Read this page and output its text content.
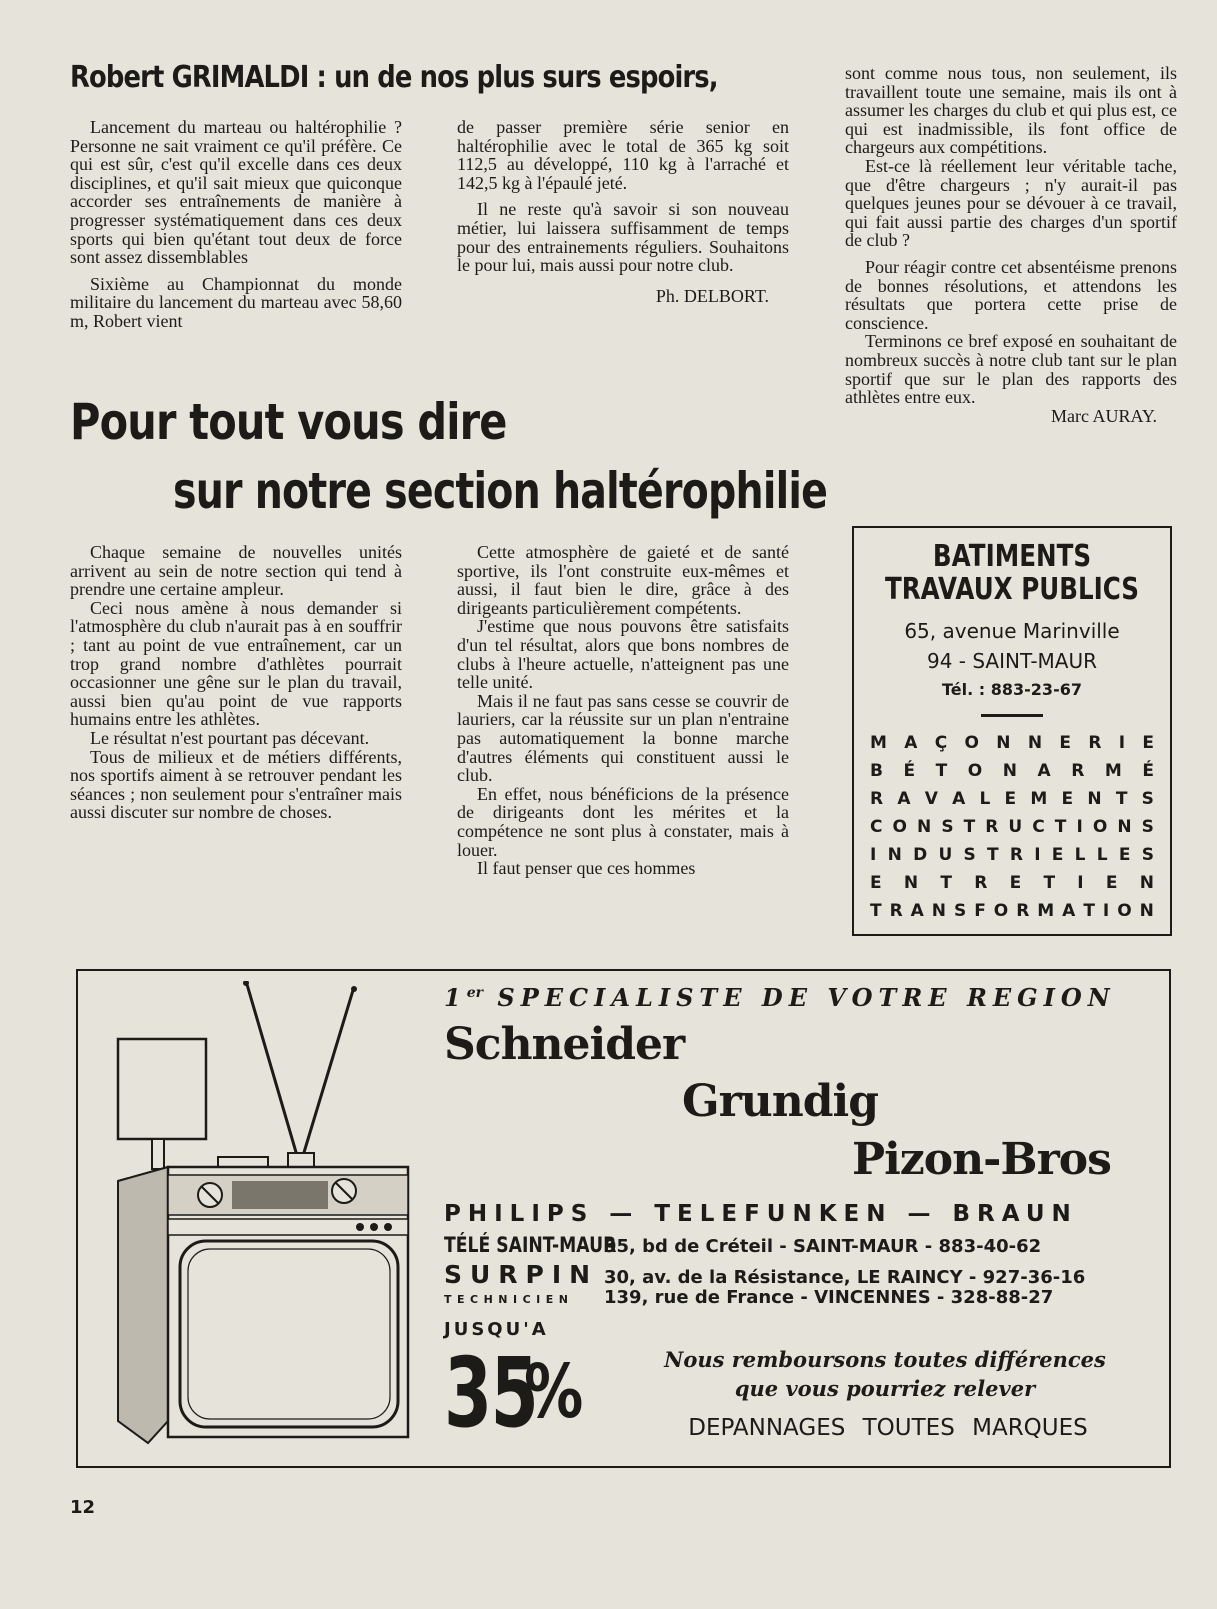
Robert GRIMALDI : un de nos plus surs espoirs,

Lancement du marteau ou haltérophilie ? Personne ne sait vraiment ce qu'il préfère. Ce qui est sûr, c'est qu'il excelle dans ces deux disciplines, et qu'il sait mieux que quiconque accorder ses entraînements de manière à progresser systématiquement dans ces deux sports qui bien qu'étant tout deux de force sont assez dissemblables

Sixième au Championnat du monde militaire du lancement du marteau avec 58,60 m, Robert vient

de passer première série senior en haltérophilie avec le total de 365 kg soit 112,5 au développé, 110 kg à l'arraché et 142,5 kg à l'épaulé jeté.

Il ne reste qu'à savoir si son nouveau métier, lui laissera suffisamment de temps pour des entrainements réguliers. Souhaitons le pour lui, mais aussi pour notre club.

Ph. DELBORT.
Pour tout vous dire
sur notre section haltérophilie

Chaque semaine de nouvelles unités arrivent au sein de notre section qui tend à prendre une certaine ampleur.

Ceci nous amène à nous demander si l'atmosphère du club n'aurait pas à en souffrir ; tant au point de vue entraînement, car un trop grand nombre d'athlètes pourrait occasionner une gêne sur le plan du travail, aussi bien qu'au point de vue rapports humains entre les athlètes.

Le résultat n'est pourtant pas décevant.

Tous de milieux et de métiers différents, nos sportifs aiment à se retrouver pendant les séances ; non seulement pour s'entraîner mais aussi discuter sur nombre de choses.

Cette atmosphère de gaieté et de santé sportive, ils l'ont construite eux-mêmes et aussi, il faut bien le dire, grâce à des dirigeants particulièrement compétents.

J'estime que nous pouvons être satisfaits d'un tel résultat, alors que bons nombres de clubs à l'heure actuelle, n'atteignent pas une telle unité.

Mais il ne faut pas sans cesse se couvrir de lauriers, car la réussite sur un plan n'entraine pas automatiquement la bonne marche d'autres éléments qui constituent aussi le club.

En effet, nous bénéficions de la présence de dirigeants dont les mérites et la compétence ne sont plus à constater, mais à louer.

Il faut penser que ces hommes

sont comme nous tous, non seulement, ils travaillent toute une semaine, mais ils ont à assumer les charges du club et qui plus est, ce qui est inadmissible, ils font office de chargeurs aux compétitions.

Est-ce là réellement leur véritable tache, que d'être chargeurs ; n'y aurait-il pas quelques jeunes pour se dévouer à ce travail, qui fait aussi partie des charges d'un sportif de club ?

Pour réagir contre cet absentéisme prenons de bonnes résolutions, et attendons les résultats que portera cette prise de conscience.

Terminons ce bref exposé en souhaitant de nombreux succès à notre club tant sur le plan sportif que sur le plan des rapports des athlètes entre eux.

Marc AURAY.
BATIMENTS
TRAVAUX PUBLICS
65, avenue Marinville
94 - SAINT-MAUR
Tél. : 883-23-67
M A Ç O N N E R I E
B É T O N A R M É
R A V A L E M E N T S
C O N S T R U C T I O N S
I N D U S T R I E L L E S
E N T R E T I E N
T R A N S F O R M A T I O N
1er SPECIALISTE DE VOTRE REGION
Schneider
Grundig
Pizon-Bros
PHILIPS — TELEFUNKEN — BRAUN
TÉLÉ SAINT-MAUR
95, bd de Créteil - SAINT-MAUR - 883-40-62
SURPIN 30, av. de la Résistance, LE RAINCY - 927-36-16
TECHNICIEN	139, rue de France - VINCENNES - 328-88-27
JUSQU'A
35
%	Nous remboursons toutes différences
que vous pourriez relever
DEPANNAGES TOUTES MARQUES
12
